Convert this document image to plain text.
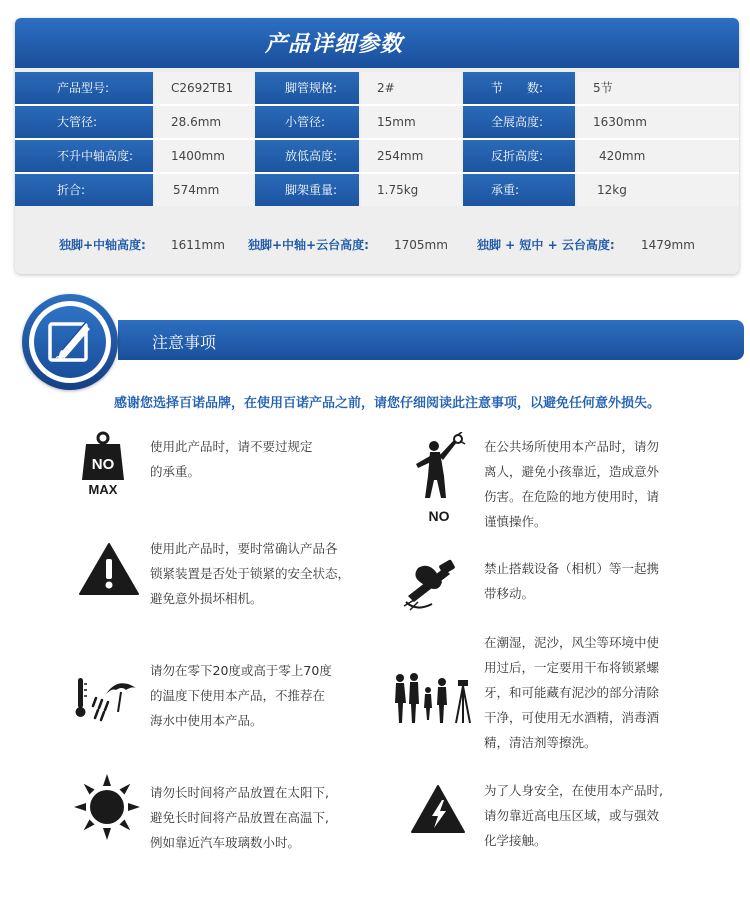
产品详细参数
产品型号:	C2692TB1	脚管规格:	2#	节　　数:	5节
大管径:	28.6mm	小管径:	15mm	全展高度:	1630mm
不升中轴高度:	1400mm	放低高度:	254mm	反折高度:	420mm
折合:	574mm	脚架重量:	1.75kg	承重:	12kg
独脚+中轴高度: 1611mm 独脚+中轴+云台高度: 1705mm 独脚 + 短中 + 云台高度: 1479mm
注意事项
感谢您选择百诺品牌，在使用百诺产品之前，请您仔细阅读此注意事项，以避免任何意外损失。
NO
MAX
使用此产品时，请不要过规定
的承重。
NO
在公共场所使用本产品时，请勿
离人，避免小孩靠近，造成意外
伤害。在危险的地方使用时，请
谨慎操作。
使用此产品时，要时常确认产品各
锁紧装置是否处于锁紧的安全状态，
避免意外损坏相机。
禁止搭载设备（相机）等一起携
带移动。
请勿在零下20度或高于零上70度
的温度下使用本产品，不推荐在
海水中使用本产品。
在潮湿，泥沙，风尘等环境中使
用过后，一定要用干布将锁紧螺
牙，和可能藏有泥沙的部分清除
干净，可使用无水酒精，消毒酒
精，清洁剂等擦洗。
请勿长时间将产品放置在太阳下,
避免长时间将产品放置在高温下,
例如靠近汽车玻璃数小时。
为了人身安全，在使用本产品时,
请勿靠近高电压区域，或与强效
化学接触。
